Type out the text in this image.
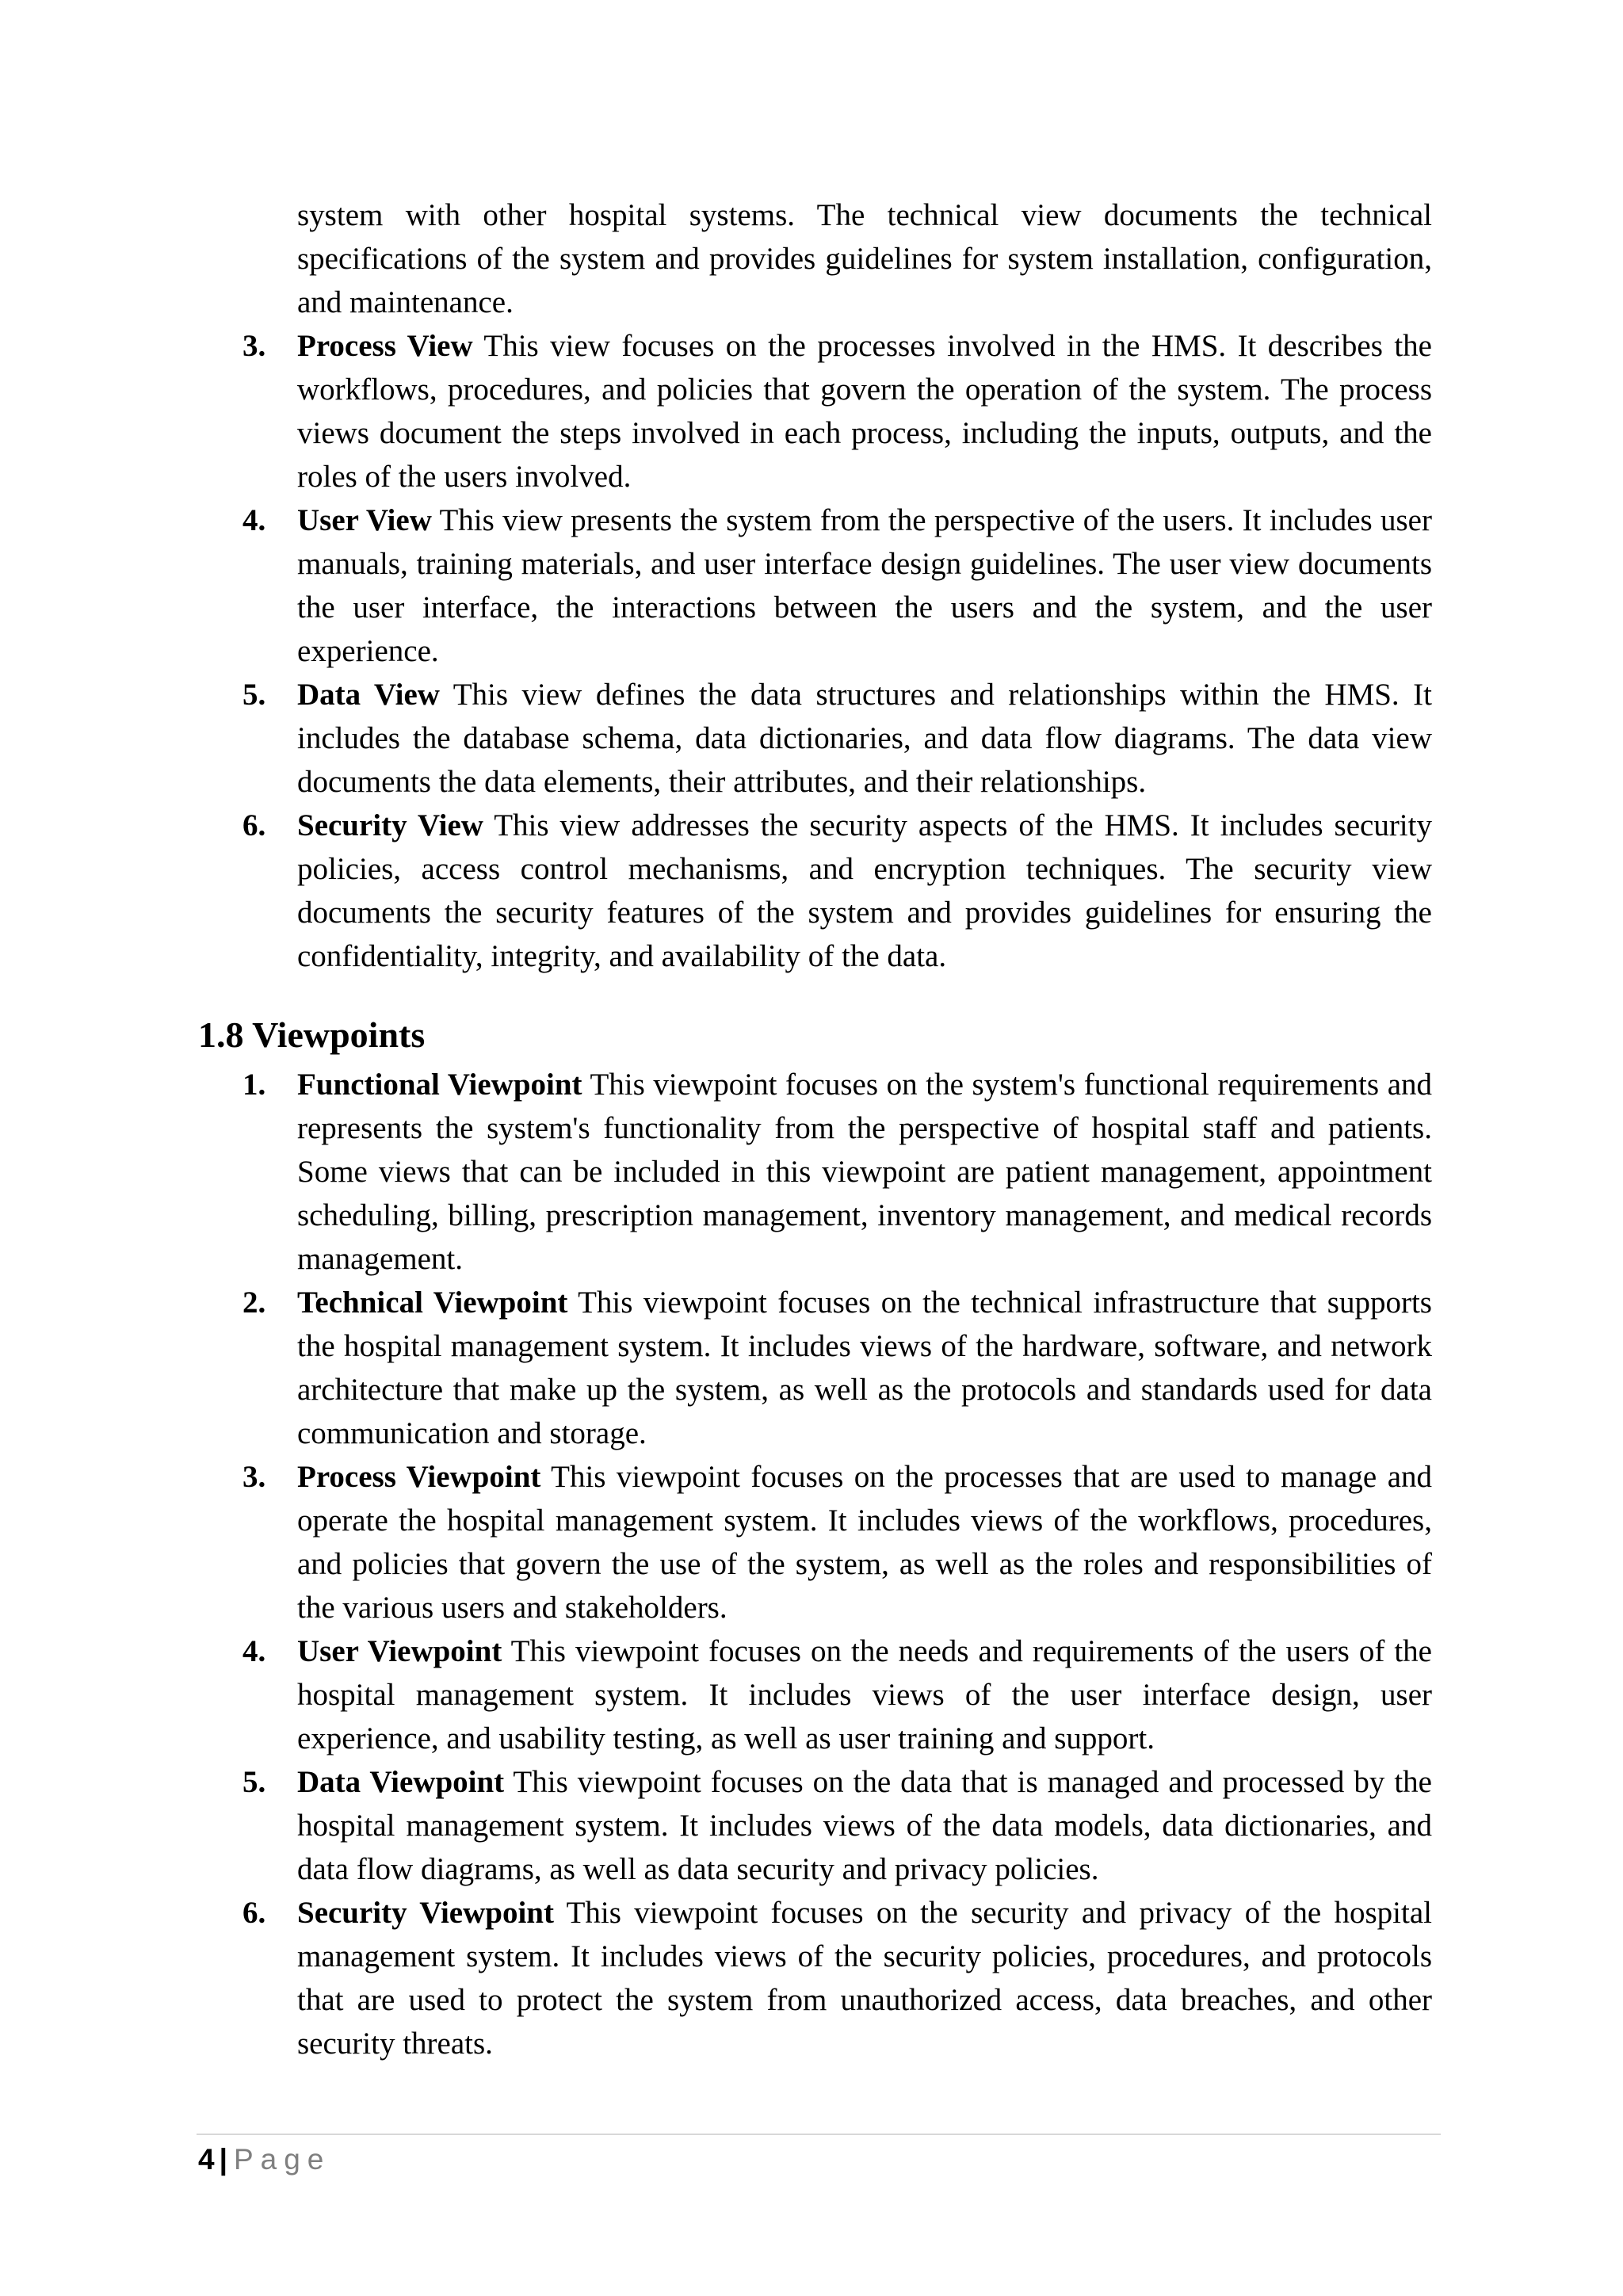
system with other hospital systems. The technical view documents the technical specifications of the system and provides guidelines for system installation, configuration, and maintenance.

3.	Process View This view focuses on the processes involved in the HMS. It describes the workflows, procedures, and policies that govern the operation of the system. The process views document the steps involved in each process, including the inputs, outputs, and the roles of the users involved.
4.	User View This view presents the system from the perspective of the users. It includes user manuals, training materials, and user interface design guidelines. The user view documents the user interface, the interactions between the users and the system, and the user experience.
5.	Data View This view defines the data structures and relationships within the HMS. It includes the database schema, data dictionaries, and data flow diagrams. The data view documents the data elements, their attributes, and their relationships.
6.	Security View This view addresses the security aspects of the HMS. It includes security policies, access control mechanisms, and encryption techniques. The security view documents the security features of the system and provides guidelines for ensuring the confidentiality, integrity, and availability of the data.
1.8 Viewpoints
1.	Functional Viewpoint This viewpoint focuses on the system's functional requirements and represents the system's functionality from the perspective of hospital staff and patients. Some views that can be included in this viewpoint are patient management, appointment scheduling, billing, prescription management, inventory management, and medical records management.
2.	Technical Viewpoint This viewpoint focuses on the technical infrastructure that supports the hospital management system. It includes views of the hardware, software, and network architecture that make up the system, as well as the protocols and standards used for data communication and storage.
3.	Process Viewpoint This viewpoint focuses on the processes that are used to manage and operate the hospital management system. It includes views of the workflows, procedures, and policies that govern the use of the system, as well as the roles and responsibilities of the various users and stakeholders.
4.	User Viewpoint This viewpoint focuses on the needs and requirements of the users of the hospital management system. It includes views of the user interface design, user experience, and usability testing, as well as user training and support.
5.	Data Viewpoint This viewpoint focuses on the data that is managed and processed by the hospital management system. It includes views of the data models, data dictionaries, and data flow diagrams, as well as data security and privacy policies.
6.	Security Viewpoint This viewpoint focuses on the security and privacy of the hospital management system. It includes views of the security policies, procedures, and protocols that are used to protect the system from unauthorized access, data breaches, and other security threats.
4 | Page
